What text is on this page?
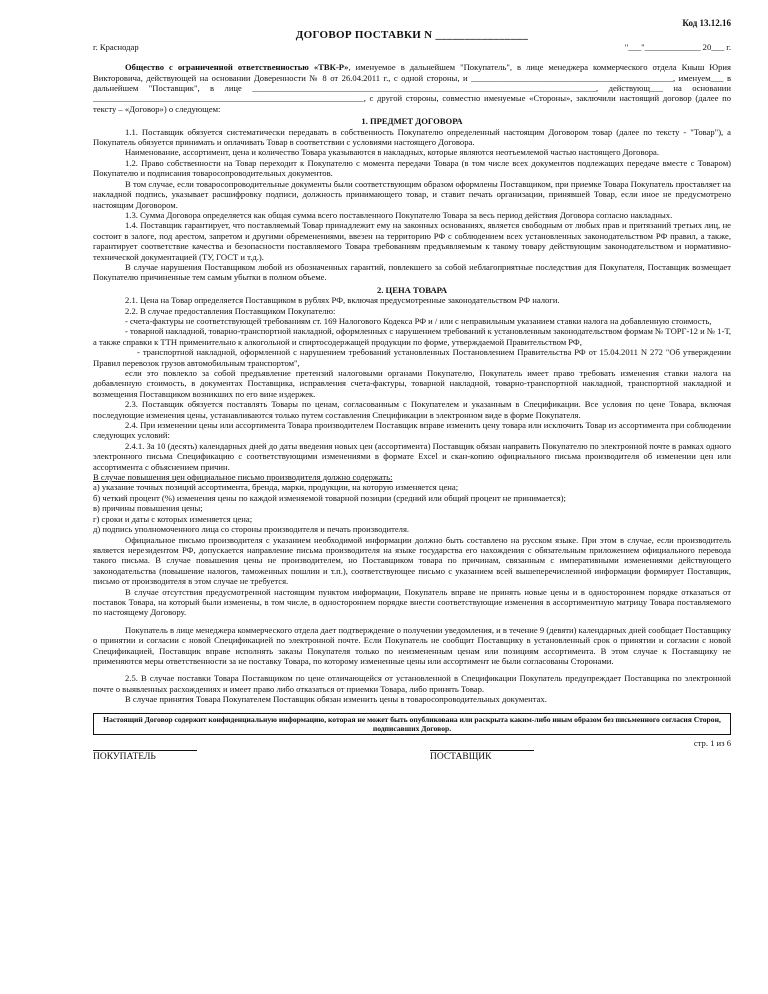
Код 13.12.16
ДОГОВОР ПОСТАВКИ N ________________
г. Краснодар	"___"_____________ 20___ г.

Общество с ограниченной ответственностью «ТВК-Р», именуемое в дальнейшем "Покупатель", в лице менеджера коммерческого отдела Кныш Юрия Викторовича, действующей на основании Доверенности № 8 от 26.04.2011 г., с одной стороны, и _______________________________________________, именуем___ в дальнейшем "Поставщик", в лице ________________________________________________________________________________, действующ___ на основании _______________________________________________________________, с другой стороны, совместно именуемые «Стороны», заключили настоящий договор (далее по тексту – «Договор») о следующем:

1. ПРЕДМЕТ ДОГОВОРА

1.1. Поставщик обязуется систематически передавать в собственность Покупателю определенный настоящим Договором товар (далее по тексту - "Товар"), а Покупатель обязуется принимать и оплачивать Товар в соответствии с условиями настоящего Договора.

Наименование, ассортимент, цена и количество Товара указываются в накладных, которые являются неотъемлемой частью настоящего Договора.

1.2. Право собственности на Товар переходит к Покупателю с момента передачи Товара (в том числе всех документов подлежащих передаче вместе с Товаром) Покупателю и подписания товаросопроводительных документов.

В том случае, если товаросопроводительные документы были соответствующим образом оформлены Поставщиком, при приемке Товара Покупатель проставляет на накладной подпись, указывает расшифровку подписи, должность принимающего товар, и ставит печать организации, принявшей Товар, если иное не предусмотрено настоящим Договором.

1.3. Сумма Договора определяется как общая сумма всего поставленного Покупателю Товара за весь период действия Договора согласно накладных.

1.4. Поставщик гарантирует, что поставляемый Товар принадлежит ему на законных основаниях, является свободным от любых прав и притязаний третьих лиц, не состоит в залоге, под арестом, запретом и другими обременениями, ввезен на территорию РФ с соблюдением всех установленных законодательством РФ правил, а также, гарантирует соответствие качества и безопасности поставляемого Товара требованиям предъявляемым к такому товару действующим законодательством и нормативно-технической документацией (ТУ, ГОСТ и т.д.).

В случае нарушения Поставщиком любой из обозначенных гарантий, повлекшего за собой неблагоприятные последствия для Покупателя, Поставщик возмещает Покупателю причиненные тем самым убытки в полном объеме.

2. ЦЕНА ТОВАРА

2.1. Цена на Товар определяется Поставщиком в рублях РФ, включая предусмотренные законодательством РФ налоги.

2.2. В случае предоставления Поставщиком Покупателю:

- счета-фактуры не соответствующей требованиям ст. 169 Налогового Кодекса РФ и / или с неправильным указанием ставки налога на добавленную стоимость,

- товарной накладной, товарно-транспортной накладной, оформленных с нарушением требований к установленным законодательством формам № ТОРГ-12 и № 1-Т, а также справки к ТТН применительно к алкогольной и спиртосодержащей продукции по форме, утверждаемой Правительством РФ,

- транспортной накладной, оформленной с нарушением требований установленных Постановлением Правительства РФ от 15.04.2011 N 272 "Об утверждении Правил перевозок грузов автомобильным транспортом",

если это повлекло за собой предъявление претензий налоговыми органами Покупателю, Покупатель имеет право требовать изменения ставки налога на добавленную стоимость, в документах Поставщика, исправления счета-фактуры, товарной накладной, товарно-транспортной накладной, транспортной накладной и возмещения Поставщиком возникших по его вине издержек.

2.3. Поставщик обязуется поставлять Товары по ценам, согласованным с Покупателем и указанным в Спецификации. Все условия по цене Товара, включая последующие изменения цены, устанавливаются только путем составления Спецификации в электронном виде в форме Покупателя.

2.4. При изменении цены или ассортимента Товара производителем Поставщик вправе изменить цену товара или исключить Товар из ассортимента при соблюдении следующих условий:

2.4.1. За 10 (десять) календарных дней до даты введения новых цен (ассортимента) Поставщик обязан направить Покупателю по электронной почте в рамках одного электронного письма Спецификацию с соответствующими изменениями в формате Excel и скан-копию официального письма производителя об изменении цен или ассортимента с объяснением причин.

В случае повышения цен официальное письмо производителя должно содержать:

а) указание точных позиций ассортимента, бренда, марки, продукции, на которую изменяется цена;

б) четкий процент (%) изменения цены по каждой изменяемой товарной позиции (средний или общий процент не принимается);

в) причины повышения цены;

г) сроки и даты с которых изменяется цена;

д) подпись уполномоченного лица со стороны производителя и печать производителя.

Официальное письмо производителя с указанием необходимой информации должно быть составлено на русском языке. При этом в случае, если производитель является нерезидентом РФ, допускается направление письма производителя на языке государства его нахождения с обязательным приложением официального перевода такого письма. В случае повышения цены не производителем, но Поставщиком товара по причинам, связанным с императивными изменениями действующего законодательства (повышение налогов, таможенных пошлин и т.п.), соответствующее письмо с указанием всей вышеперечисленной информации формирует Поставщик, письмо от производителя в этом случае не требуется.

В случае отсутствия предусмотренной настоящим пунктом информации, Покупатель вправе не принять новые цены и в одностороннем порядке отказаться от поставок Товара, на который были изменены, в том числе, в одностороннем порядке внести соответствующие изменения в ассортиментную матрицу Товара поставляемого по настоящему Договору.

Покупатель в лице менеджера коммерческого отдела дает подтверждение о получении уведомления, и в течение 9 (девяти) календарных дней сообщает Поставщику о принятии и согласии с новой Спецификацией по электронной почте. Если Покупатель не сообщит Поставщику в установленный срок о принятии и согласии с новой Спецификацией, Поставщик вправе исполнять заказы Покупателя только по неизмененным ценам или позициям ассортимента. В этом случае к Поставщику не применяются меры ответственности за не поставку Товара, по которому измененные цены или ассортимент не были согласованы Сторонами.

2.5. В случае поставки Товара Поставщиком по цене отличающейся от установленной в Спецификации Покупатель предупреждает Поставщика по электронной почте о выявленных расхождениях и имеет право либо отказаться от приемки Товара, либо принять Товар.

В случае принятия Товара Покупателем Поставщик обязан изменить цены в товаросопроводительных документах.

Настоящий Договор содержит конфиденциальную информацию, которая не может быть опубликована или раскрыта каким-либо иным образом без письменного согласия Сторон, подписавших Договор.
стр. 1 из 6
ПОКУПАТЕЛЬ	ПОСТАВЩИК
